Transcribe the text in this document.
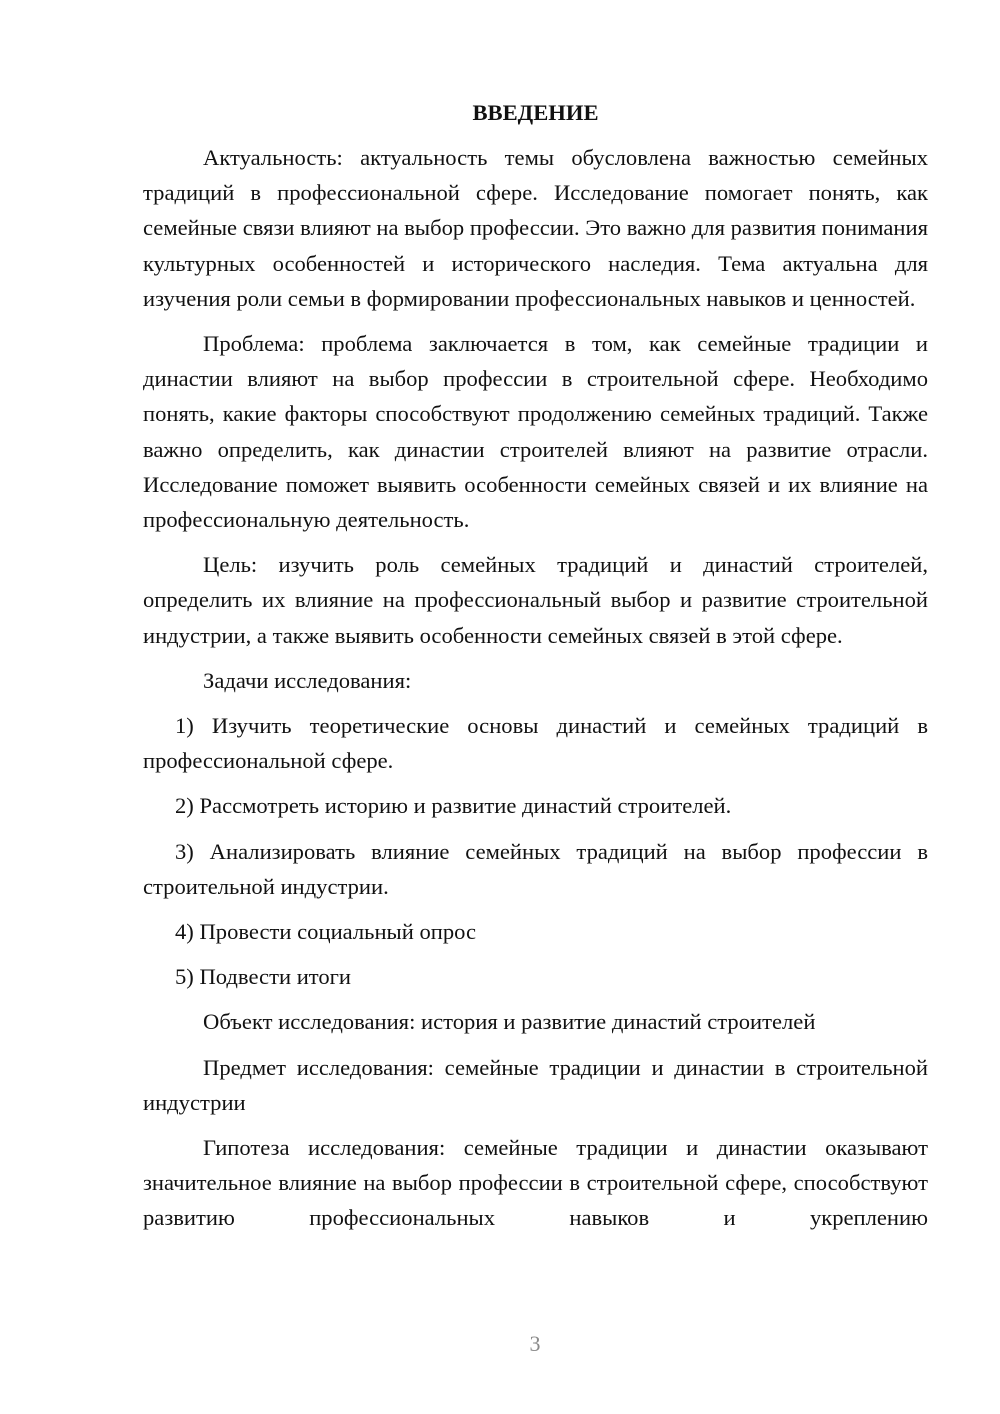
ВВЕДЕНИЕ

Актуальность: актуальность темы обусловлена важностью семейных традиций в профессиональной сфере. Исследование помогает понять, как семейные связи влияют на выбор профессии. Это важно для развития понимания культурных особенностей и исторического наследия. Тема актуальна для изучения роли семьи в формировании профессиональных навыков и ценностей.

Проблема: проблема заключается в том, как семейные традиции и династии влияют на выбор профессии в строительной сфере. Необходимо понять, какие факторы способствуют продолжению семейных традиций. Также важно определить, как династии строителей влияют на развитие отрасли. Исследование поможет выявить особенности семейных связей и их влияние на профессиональную деятельность.

Цель: изучить роль семейных традиций и династий строителей, определить их влияние на профессиональный выбор и развитие строительной индустрии, а также выявить особенности семейных связей в этой сфере.

Задачи исследования:

1) Изучить теоретические основы династий и семейных традиций в профессиональной сфере.

2) Рассмотреть историю и развитие династий строителей.

3) Анализировать влияние семейных традиций на выбор профессии в строительной индустрии.

4) Провести социальный опрос

5) Подвести итоги

Объект исследования: история и развитие династий строителей

Предмет исследования: семейные традиции и династии в строительной индустрии

Гипотеза исследования: семейные традиции и династии оказывают значительное влияние на выбор профессии в строительной сфере, способствуют развитию профессиональных навыков и укреплению

3
